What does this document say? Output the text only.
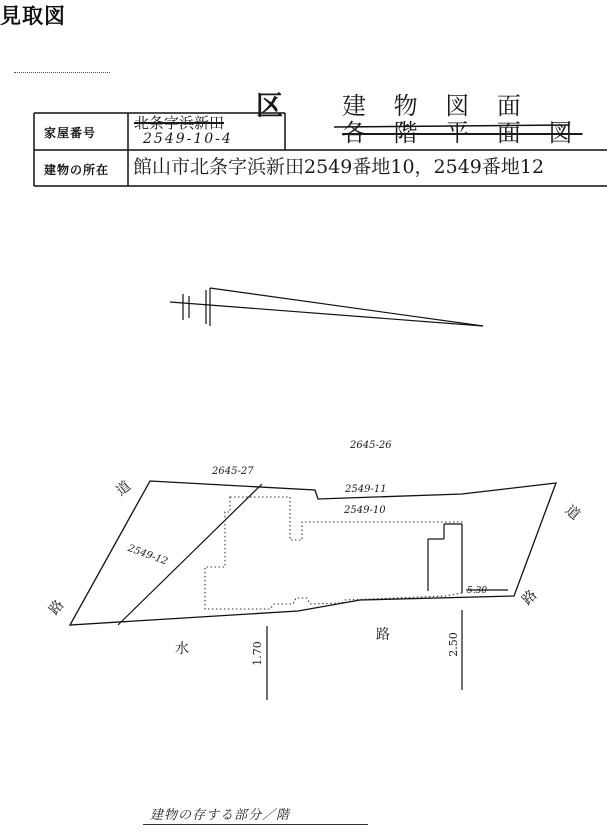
見取図
区 建 物 図 面
各 階 平 面 図
家屋番号
北条字浜新田
2549-10-4
建物の所在 館山市北条字浜新田2549番地10，2549番地12
2645-26
2645-27
2549-11
2549-10
2549-12
道
路
道
路
水
路
1.70	2.50
5.30
建物の存する部分／階
